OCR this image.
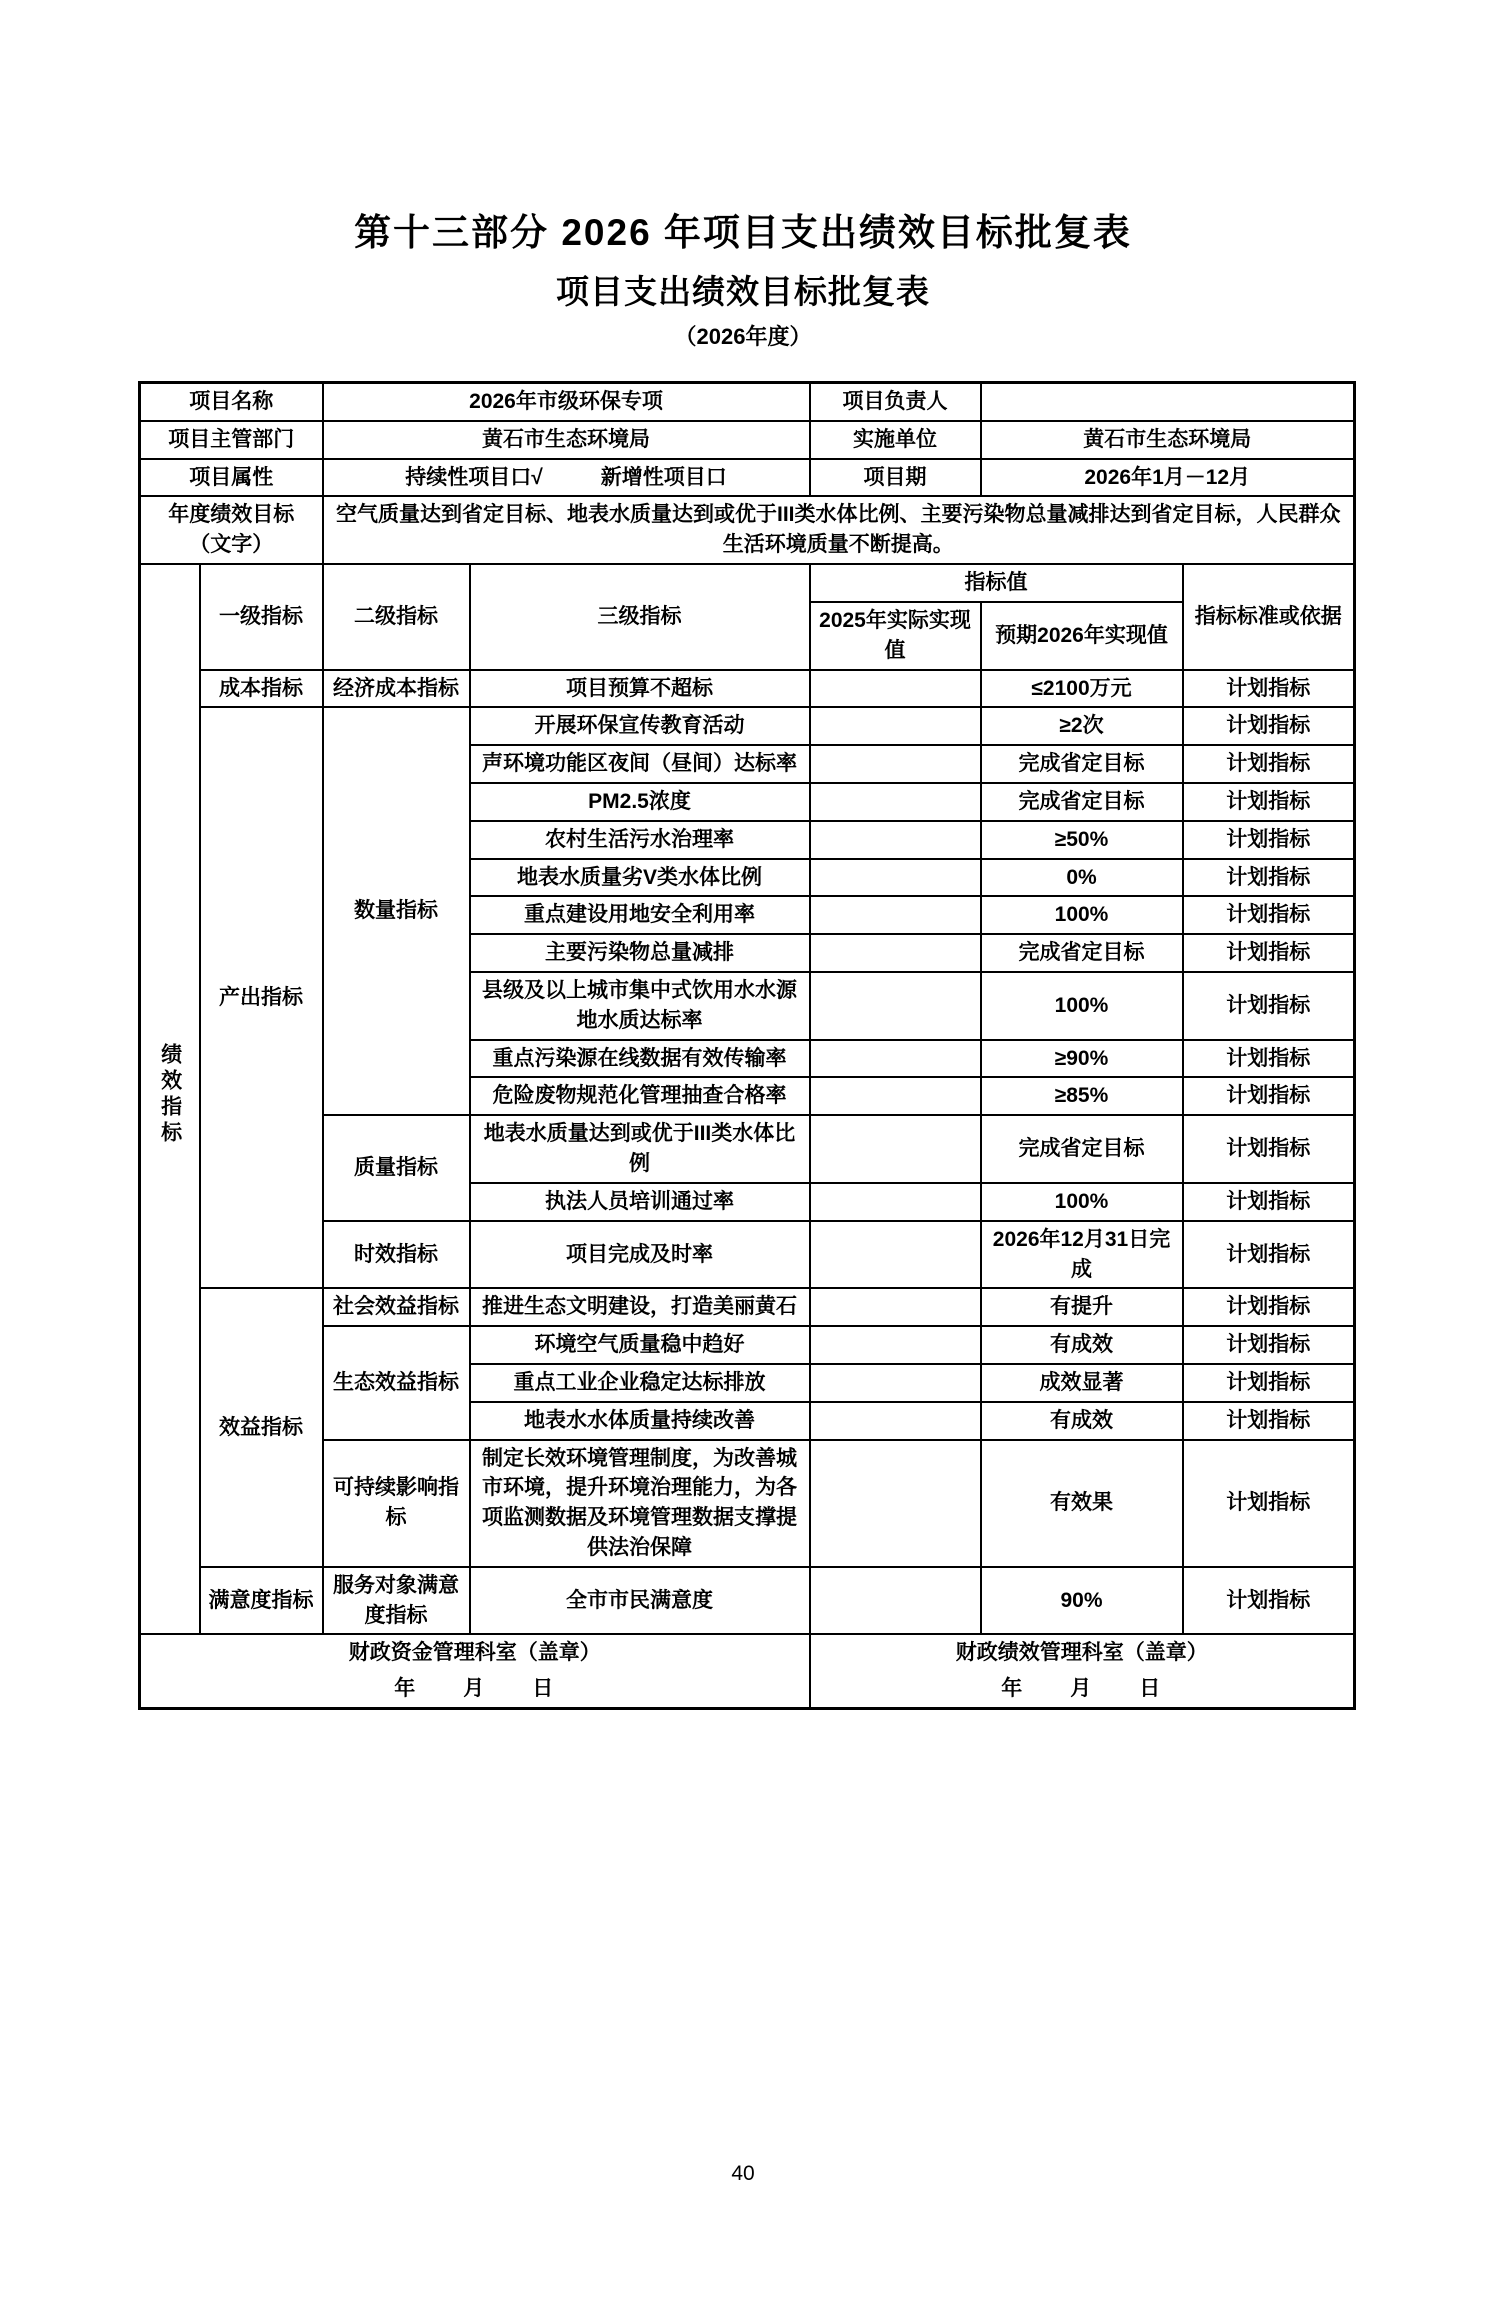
第十三部分 2026 年项目支出绩效目标批复表
项目支出绩效目标批复表
（2026年度）
项目名称		2026年市级环保专项		项目负责人		
项目主管部门		黄石市生态环境局		实施单位	黄石市生态环境局	
项目属性		持续性项目口√ 新增性项目口		项目期	2026年1月－12月	

年度绩效目标
（文字）		空气质量达到省定目标、地表水质量达到或优于III类水体比例、主要污染物总量减排达到省定目标，人民群众生活环境质量不断提高。				
绩效指标	一级指标	二级指标	三级指标	指标值		指标标准或依据
				2025年实际实现值	预期2026年实现值	
	成本指标	经济成本指标	项目预算不超标		≤2100万元	计划指标
	产出指标	数量指标	开展环保宣传教育活动		≥2次	计划指标
			声环境功能区夜间（昼间）达标率		完成省定目标	计划指标
			PM2.5浓度		完成省定目标	计划指标
			农村生活污水治理率		≥50%	计划指标
			地表水质量劣V类水体比例		0%	计划指标
			重点建设用地安全利用率		100%	计划指标
			主要污染物总量减排		完成省定目标	计划指标
			县级及以上城市集中式饮用水水源地水质达标率		100%	计划指标
			重点污染源在线数据有效传输率		≥90%	计划指标
			危险废物规范化管理抽查合格率		≥85%	计划指标
		质量指标	地表水质量达到或优于III类水体比例		完成省定目标	计划指标
			执法人员培训通过率		100%	计划指标
		时效指标	项目完成及时率		2026年12月31日完成	计划指标
	效益指标	社会效益指标	推进生态文明建设，打造美丽黄石		有提升	计划指标
		生态效益指标	环境空气质量稳中趋好		有成效	计划指标
			重点工业企业稳定达标排放		成效显著	计划指标
			地表水水体质量持续改善		有成效	计划指标
		可持续影响指标	制定长效环境管理制度，为改善城市环境，提升环境治理能力，为各项监测数据及环境管理数据支撑提供法治保障		有效果	计划指标
	满意度指标	服务对象满意度指标	全市市民满意度		90%	计划指标

财政资金管理科室（盖章）
年　　月　　日				财政绩效管理科室（盖章）
年　　月　　日		
40
